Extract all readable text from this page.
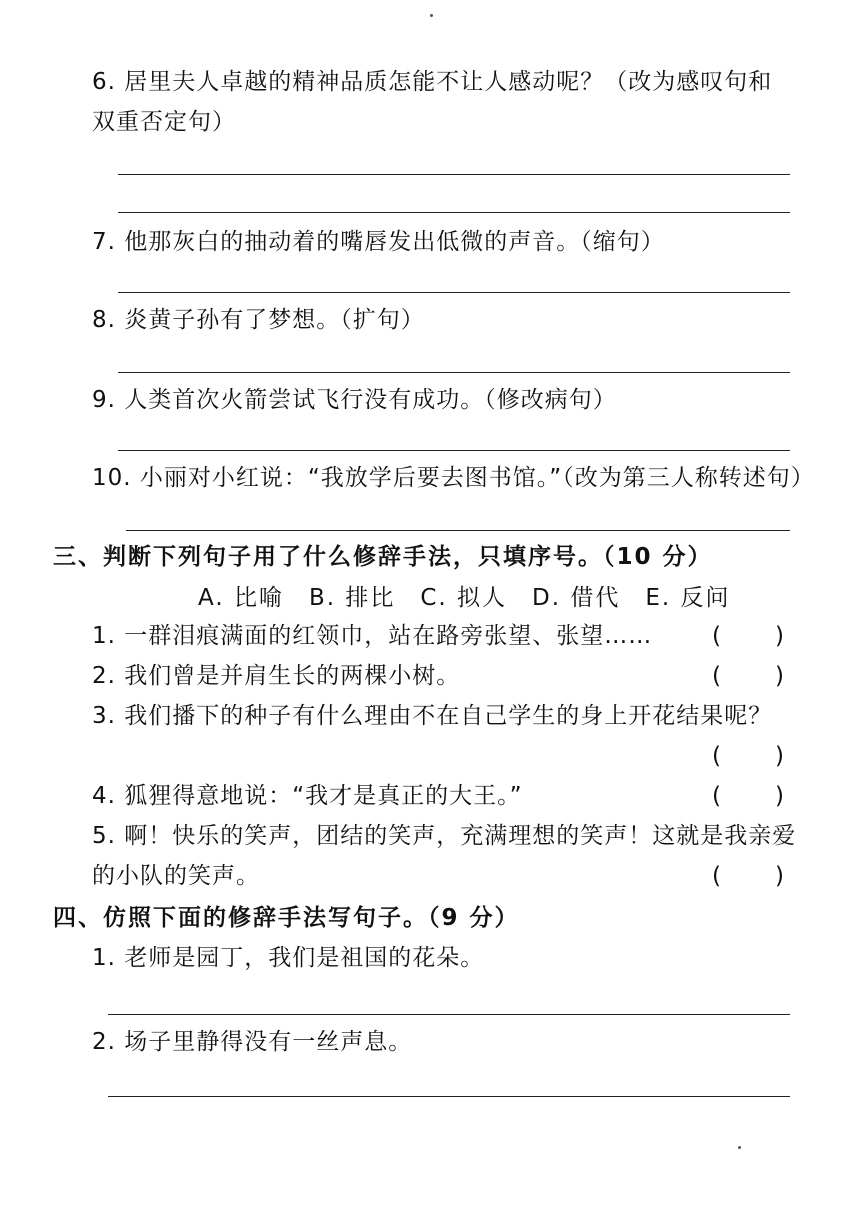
6. 居里夫人卓越的精神品质怎能不让人感动呢？（改为感叹句和
双重否定句）
7. 他那灰白的抽动着的嘴唇发出低微的声音。（缩句）
8. 炎黄子孙有了梦想。（扩句）
9. 人类首次火箭尝试飞行没有成功。（修改病句）
10. 小丽对小红说：“我放学后要去图书馆。”（改为第三人称转述句）
三、判断下列句子用了什么修辞手法，只填序号。（10 分）
A. 比喻　B. 排比　C. 拟人　D. 借代　E. 反问
1. 一群泪痕满面的红领巾，站在路旁张望、张望……	( )
2. 我们曾是并肩生长的两棵小树。	( )
3. 我们播下的种子有什么理由不在自己学生的身上开花结果呢？
( )
4. 狐狸得意地说：“我才是真正的大王。”	( )
5. 啊！快乐的笑声，团结的笑声，充满理想的笑声！这就是我亲爱
的小队的笑声。	( )
四、仿照下面的修辞手法写句子。（9 分）
1. 老师是园丁，我们是祖国的花朵。
2. 场子里静得没有一丝声息。
